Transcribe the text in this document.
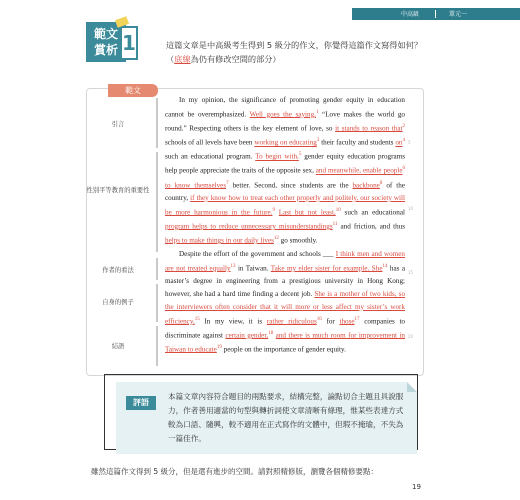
中高級	單元一
範文
賞析 1	這篇文章是中高級考生得到 5 級分的作文，你覺得這篇作文寫得如何？
（底線為仍有修改空間的部分）
範文
引言
性別平等教育的重要性
作者的看法
自身的例子
結語

In my opinion, the significance of promoting gender equity in education cannot be overemphasized. Well goes the saying,$^1$ “Love makes the world go round.” Respecting others is the key element of love, so it stands to reason that$^2$ schools of all levels have been working on educating$^3$ their faculty and students $on^4$ such an educational program. To begin with,$^5$ gender equity education programs help people appreciate the traits of the opposite sex, and meanwhile, enable people$^6$ to know themselves$^7$ better. Second, since students are the backbone$^8$ of the country, if they know how to treat each other properly and politely, our society will be more harmonious in the future.$^9$ Last but not least,$^{10}$ such an educational program helps to reduce unnecessary misunderstandings$^{11}$ and friction, and thus helps to make things in our daily lives$^{12}$ go smoothly.

Despite the effort of the government and schools ___ I think men and women are not treated equally$^{13}$ in Taiwan. Take my elder sister for example. She$^{14}$ has a master’s degree in engineering from a prestigious university in Hong Kong; however, she had a hard time finding a decent job. She is a mother of two kids, so the interviewers often consider that it will more or less affect my sister’s work efficiency.$^{15}$ In my view, it is rather ridiculous$^{16}$ for those$^{17}$ companies to discriminate against certain gender,$^{18}$ and there is much room for improvement in Taiwan to educate$^{19}$ people on the importance of gender equity.

5
10
15
20
評語
本篇文章內容符合題目的兩點要求，結構完整，論點切合主題且具說服力，作者善用適當的句型與轉折詞使文章清晰有條理，惟某些表達方式較為口語、隨興，較不適用在正式寫作的文體中，但瑕不掩瑜，不失為一篇佳作。
雖然這篇作文得到 5 級分，但是還有進步的空間。請對照精修版，瀏覽各個精修要點：
19
